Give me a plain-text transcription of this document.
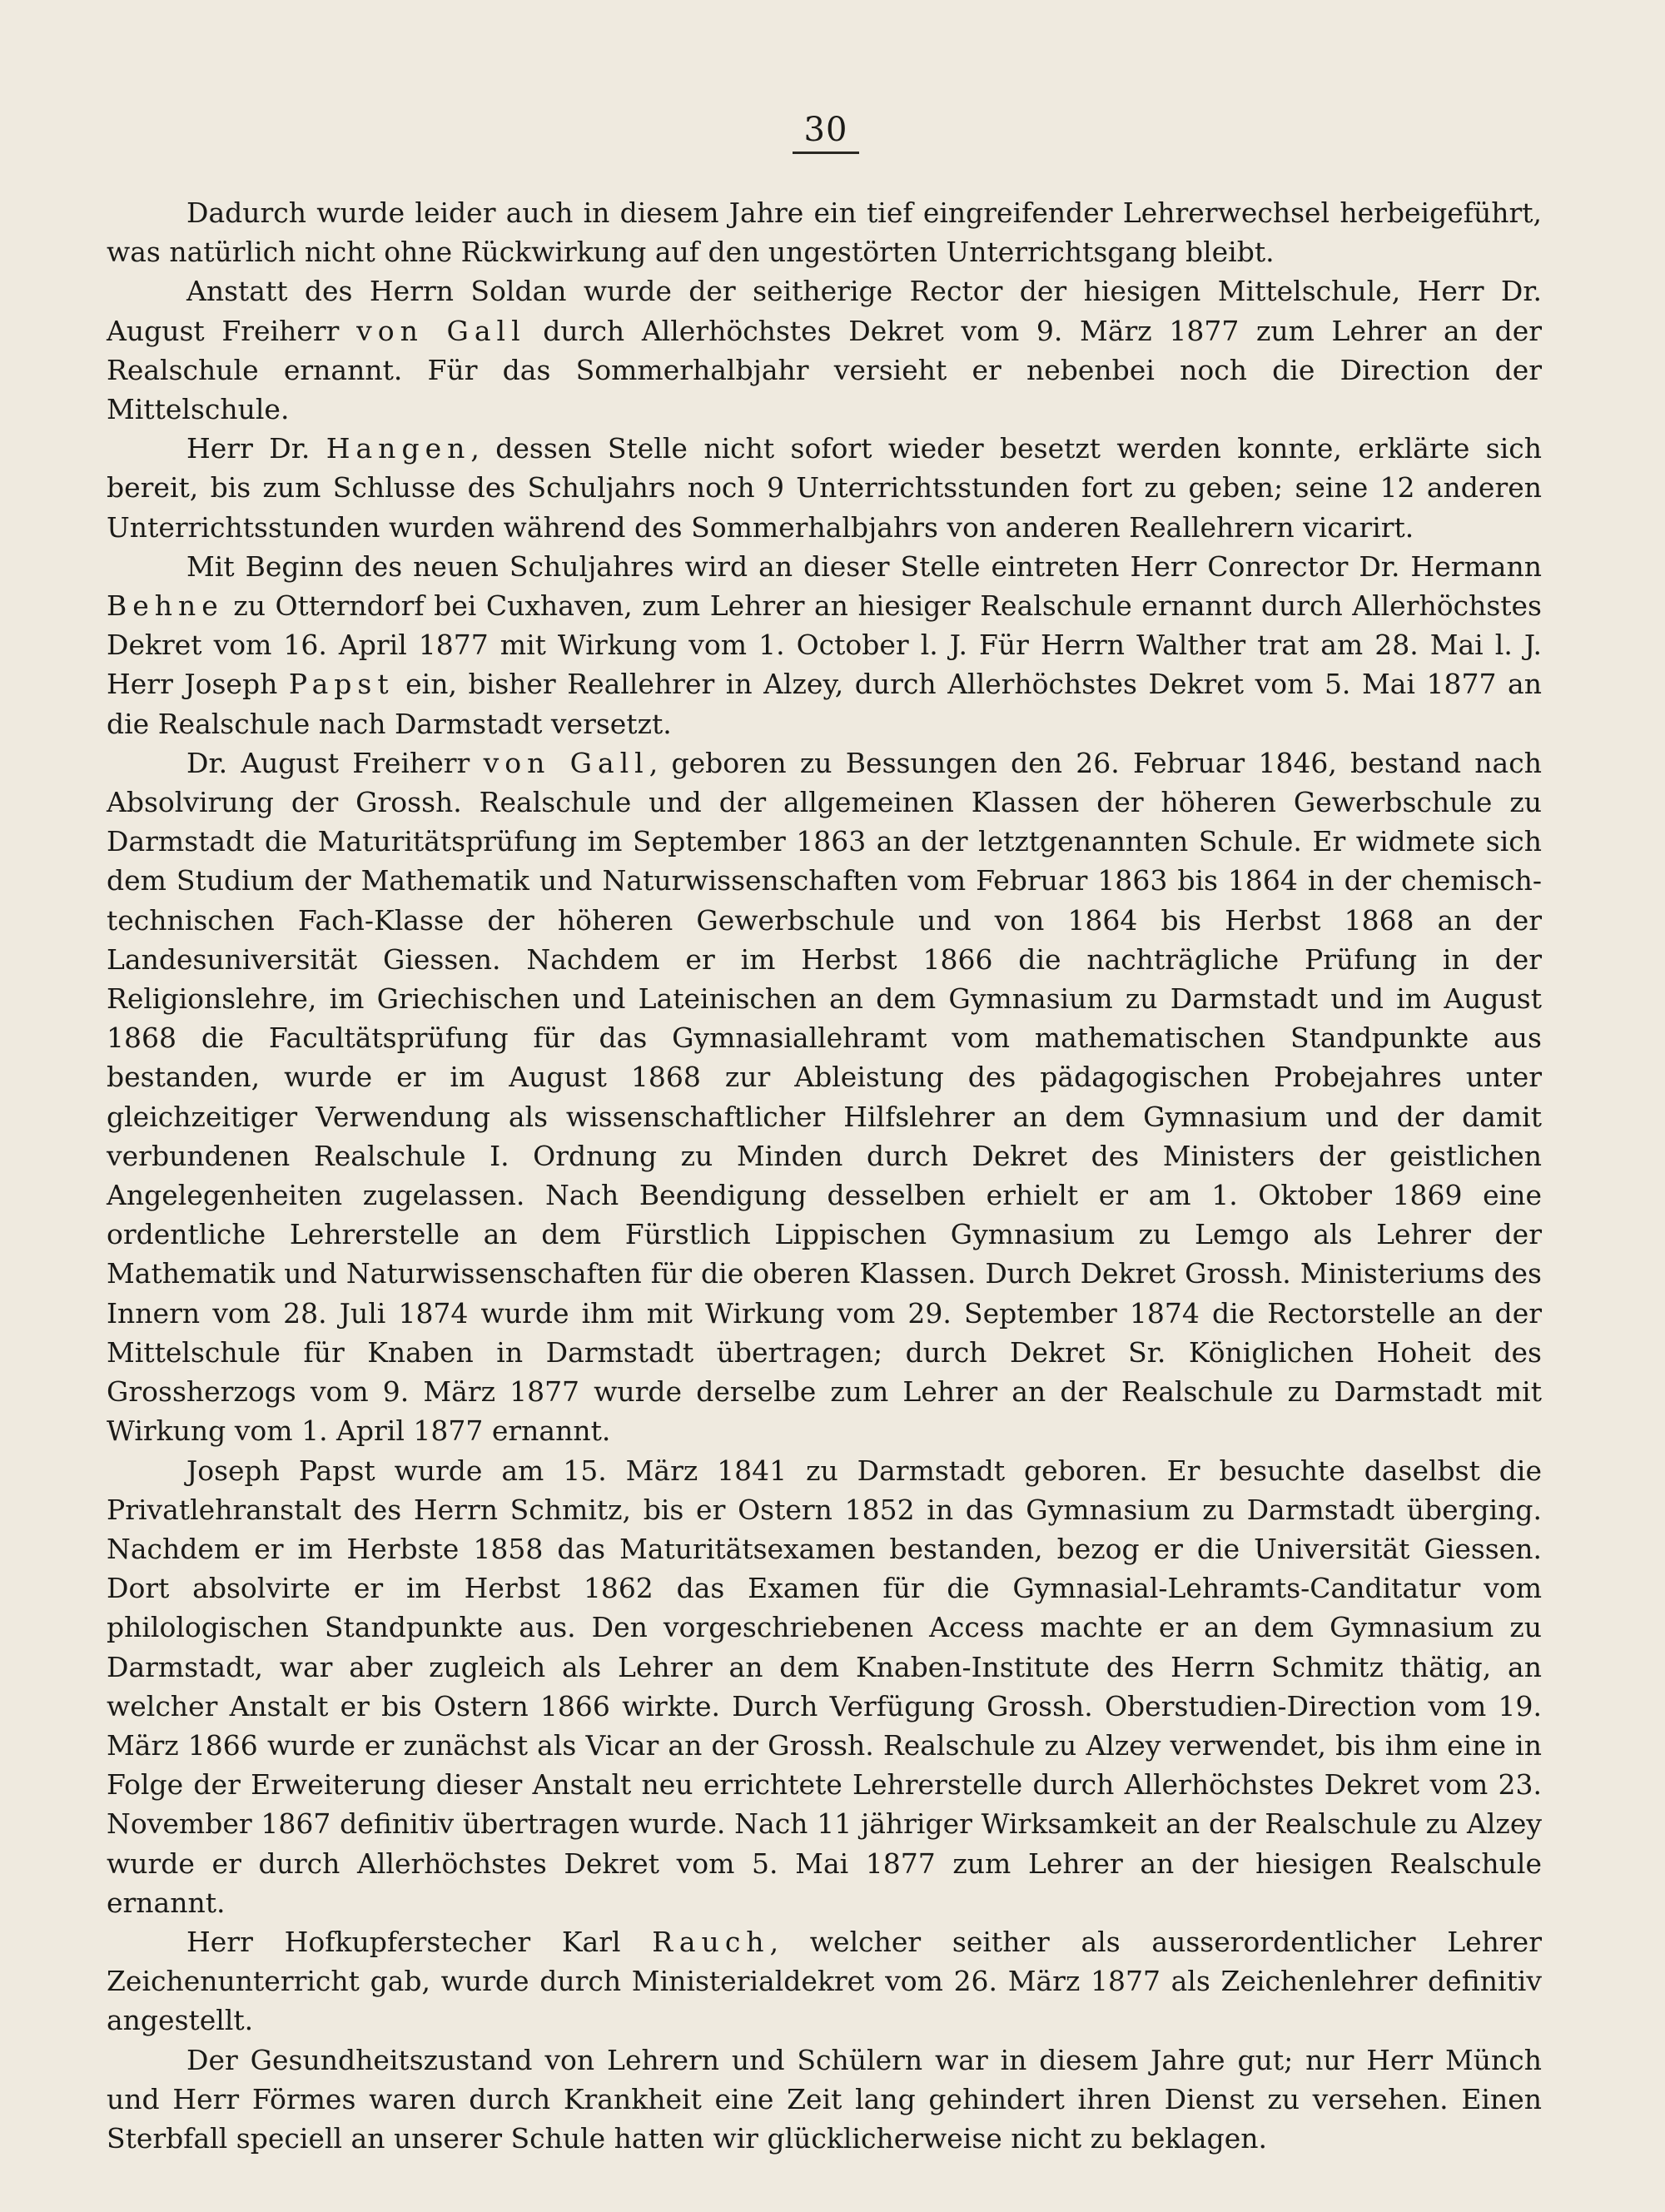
30

Dadurch wurde leider auch in diesem Jahre ein tief eingreifender Lehrerwechsel herbeigeführt, was natürlich nicht ohne Rückwirkung auf den ungestörten Unterrichtsgang bleibt.

Anstatt des Herrn Soldan wurde der seitherige Rector der hiesigen Mittelschule, Herr Dr. August Freiherr von Gall durch Allerhöchstes Dekret vom 9. März 1877 zum Lehrer an der Realschule ernannt. Für das Sommerhalbjahr versieht er nebenbei noch die Direction der Mittelschule.

Herr Dr. Hangen, dessen Stelle nicht sofort wieder besetzt werden konnte, erklärte sich bereit, bis zum Schlusse des Schuljahrs noch 9 Unterrichtsstunden fort zu geben; seine 12 anderen Unterrichtsstunden wurden während des Sommerhalbjahrs von anderen Reallehrern vicarirt.

Mit Beginn des neuen Schuljahres wird an dieser Stelle eintreten Herr Conrector Dr. Hermann Behne zu Otterndorf bei Cuxhaven, zum Lehrer an hiesiger Realschule ernannt durch Allerhöchstes Dekret vom 16. April 1877 mit Wirkung vom 1. October l. J. Für Herrn Walther trat am 28. Mai l. J. Herr Joseph Papst ein, bisher Reallehrer in Alzey, durch Allerhöchstes Dekret vom 5. Mai 1877 an die Realschule nach Darmstadt versetzt.

Dr. August Freiherr von Gall, geboren zu Bessungen den 26. Februar 1846, bestand nach Absolvirung der Grossh. Realschule und der allgemeinen Klassen der höheren Gewerbschule zu Darmstadt die Maturitätsprüfung im September 1863 an der letztgenannten Schule. Er widmete sich dem Studium der Mathematik und Naturwissenschaften vom Februar 1863 bis 1864 in der chemisch-technischen Fach-Klasse der höheren Gewerbschule und von 1864 bis Herbst 1868 an der Landesuniversität Giessen. Nachdem er im Herbst 1866 die nachträgliche Prüfung in der Religionslehre, im Griechischen und Lateinischen an dem Gymnasium zu Darmstadt und im August 1868 die Facultätsprüfung für das Gymnasiallehramt vom mathematischen Standpunkte aus bestanden, wurde er im August 1868 zur Ableistung des pädagogischen Probejahres unter gleichzeitiger Verwendung als wissenschaftlicher Hilfslehrer an dem Gymnasium und der damit verbundenen Realschule I. Ordnung zu Minden durch Dekret des Ministers der geistlichen Angelegenheiten zugelassen. Nach Beendigung desselben erhielt er am 1. Oktober 1869 eine ordentliche Lehrerstelle an dem Fürstlich Lippischen Gymnasium zu Lemgo als Lehrer der Mathematik und Naturwissenschaften für die oberen Klassen. Durch Dekret Grossh. Ministeriums des Innern vom 28. Juli 1874 wurde ihm mit Wirkung vom 29. September 1874 die Rectorstelle an der Mittelschule für Knaben in Darmstadt übertragen; durch Dekret Sr. Königlichen Hoheit des Grossherzogs vom 9. März 1877 wurde derselbe zum Lehrer an der Realschule zu Darmstadt mit Wirkung vom 1. April 1877 ernannt.

Joseph Papst wurde am 15. März 1841 zu Darmstadt geboren. Er besuchte daselbst die Privatlehranstalt des Herrn Schmitz, bis er Ostern 1852 in das Gymnasium zu Darmstadt überging. Nachdem er im Herbste 1858 das Maturitätsexamen bestanden, bezog er die Universität Giessen. Dort absolvirte er im Herbst 1862 das Examen für die Gymnasial-Lehramts-Canditatur vom philologischen Standpunkte aus. Den vorgeschriebenen Access machte er an dem Gymnasium zu Darmstadt, war aber zugleich als Lehrer an dem Knaben-Institute des Herrn Schmitz thätig, an welcher Anstalt er bis Ostern 1866 wirkte. Durch Verfügung Grossh. Oberstudien-Direction vom 19. März 1866 wurde er zunächst als Vicar an der Grossh. Realschule zu Alzey verwendet, bis ihm eine in Folge der Erweiterung dieser Anstalt neu errichtete Lehrerstelle durch Allerhöchstes Dekret vom 23. November 1867 definitiv übertragen wurde. Nach 11 jähriger Wirksamkeit an der Realschule zu Alzey wurde er durch Allerhöchstes Dekret vom 5. Mai 1877 zum Lehrer an der hiesigen Realschule ernannt.

Herr Hofkupferstecher Karl Rauch, welcher seither als ausserordentlicher Lehrer Zeichenunterricht gab, wurde durch Ministerialdekret vom 26. März 1877 als Zeichenlehrer definitiv angestellt.

Der Gesundheitszustand von Lehrern und Schülern war in diesem Jahre gut; nur Herr Münch und Herr Förmes waren durch Krankheit eine Zeit lang gehindert ihren Dienst zu versehen. Einen Sterbfall speciell an unserer Schule hatten wir glücklicherweise nicht zu beklagen.
